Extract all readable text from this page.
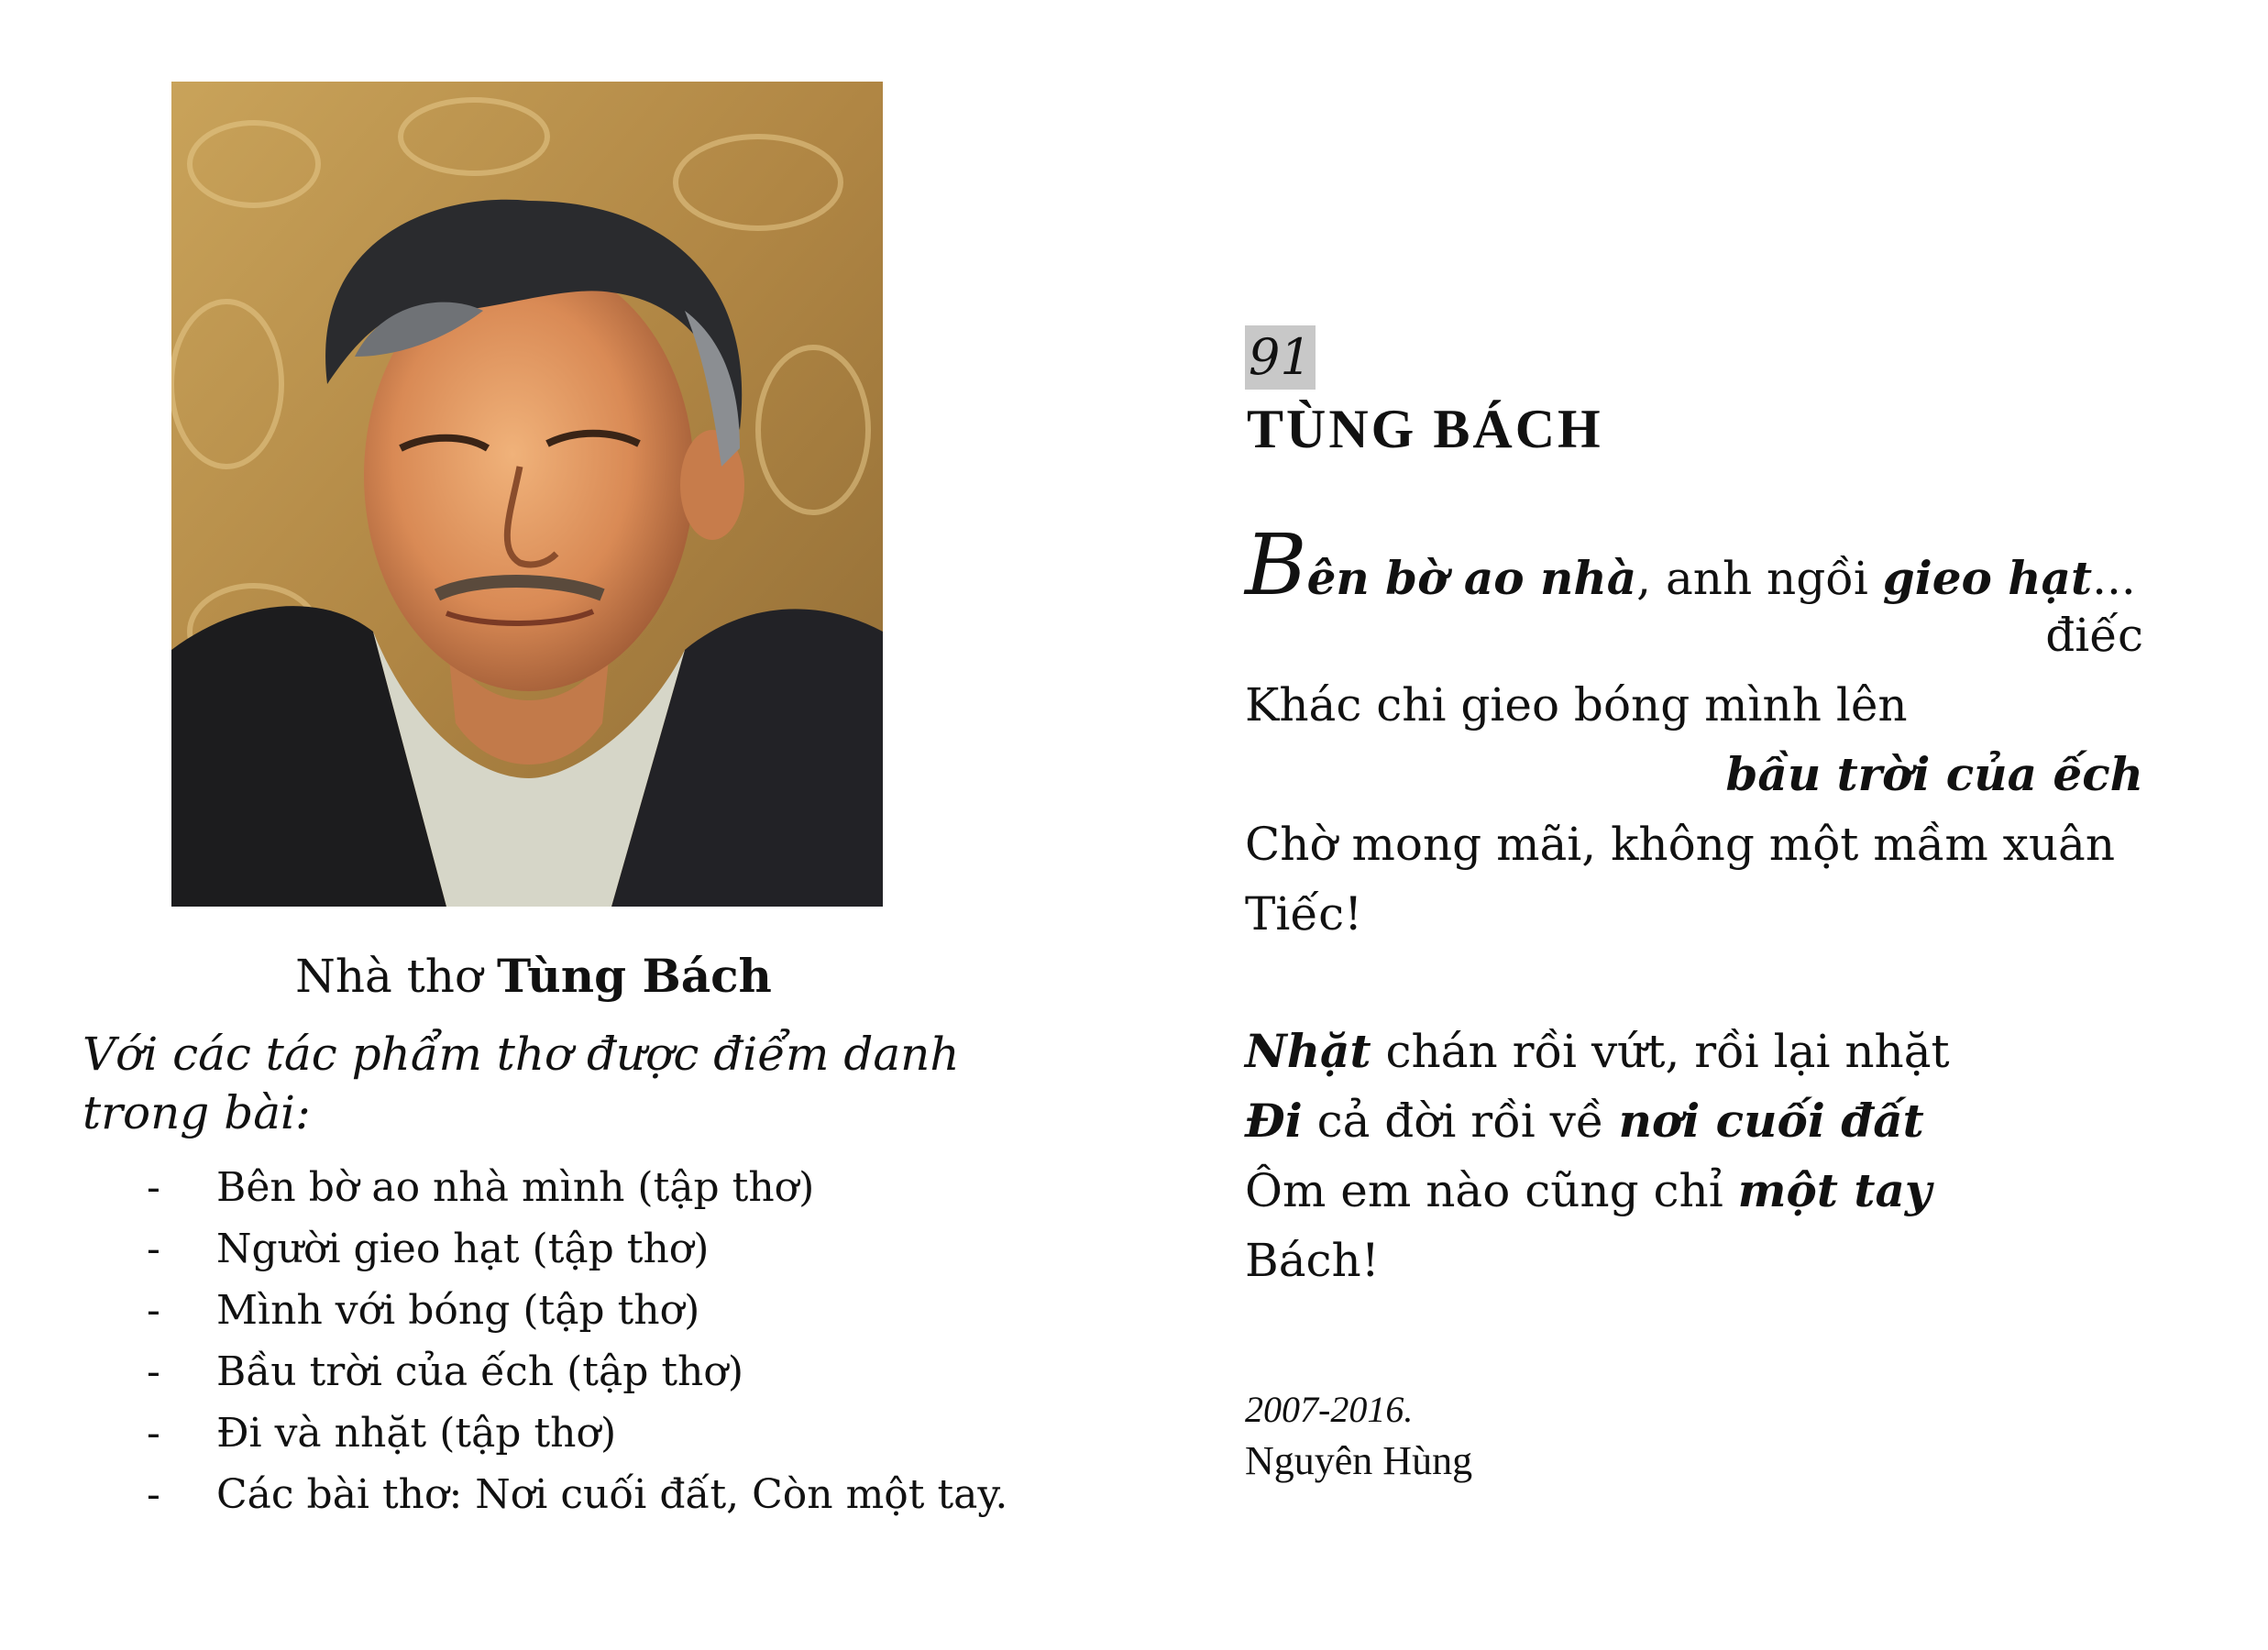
Nhà thơ Tùng Bách
Với các tác phẩm thơ được điểm danh trong bài:
- Bên bờ ao nhà mình (tập thơ)
- Người gieo hạt (tập thơ)
- Mình với bóng (tập thơ)
- Bầu trời của ếch (tập thơ)
- Đi và nhặt (tập thơ)
- Các bài thơ: Nơi cuối đất, Còn một tay.
91
TÙNG BÁCH
Bên bờ ao nhà, anh ngồi gieo hạt...
điếc
Khác chi gieo bóng mình lên
bầu trời của ếch
Chờ mong mãi, không một mầm xuân
Tiếc!
Nhặt chán rồi vứt, rồi lại nhặt
Đi cả đời rồi về nơi cuối đất
Ôm em nào cũng chỉ một tay
Bách!
2007-2016.
Nguyên Hùng
